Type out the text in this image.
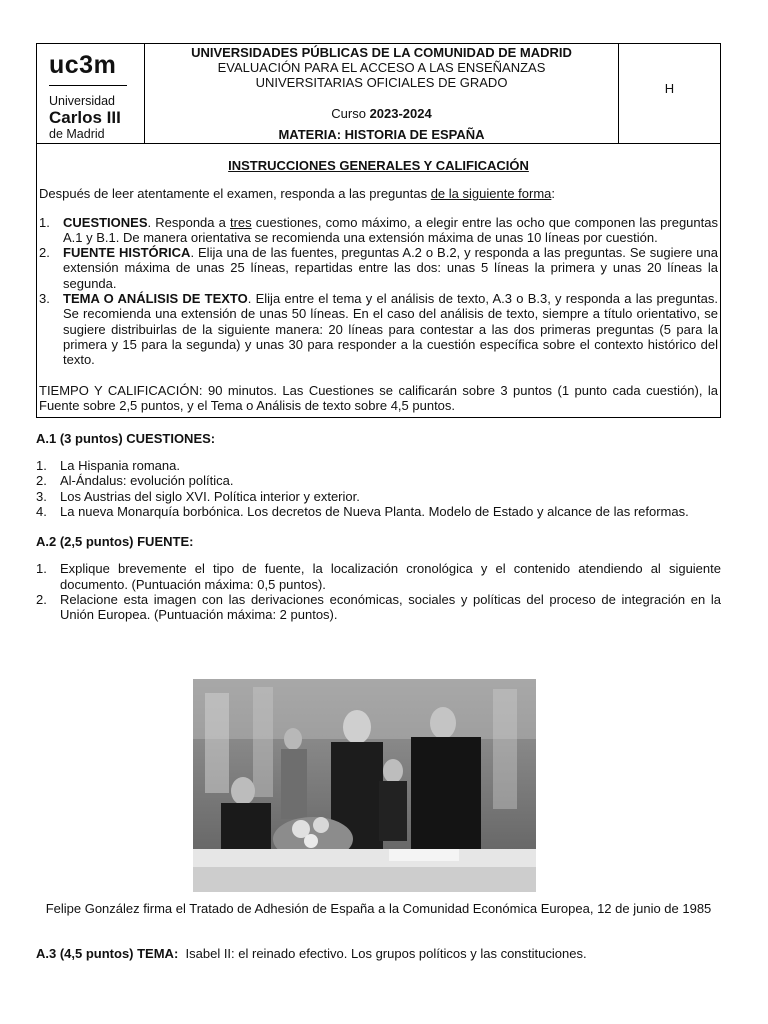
uc3m
Universidad
Carlos III
de Madrid
UNIVERSIDADES PÚBLICAS DE LA COMUNIDAD DE MADRID
EVALUACIÓN PARA EL ACCESO A LAS ENSEÑANZAS
UNIVERSITARIAS OFICIALES DE GRADO
Curso 2023-2024
MATERIA: HISTORIA DE ESPAÑA
H
INSTRUCCIONES GENERALES Y CALIFICACIÓN
Después de leer atentamente el examen, responda a las preguntas de la siguiente forma:
1.	CUESTIONES. Responda a tres cuestiones, como máximo, a elegir entre las ocho que componen las preguntas A.1 y B.1. De manera orientativa se recomienda una extensión máxima de unas 10 líneas por cuestión.
2.	FUENTE HISTÓRICA. Elija una de las fuentes, preguntas A.2 o B.2, y responda a las preguntas. Se sugiere una extensión máxima de unas 25 líneas, repartidas entre las dos: unas 5 líneas la primera y unas 20 líneas la segunda.
3.	TEMA O ANÁLISIS DE TEXTO. Elija entre el tema y el análisis de texto, A.3 o B.3, y responda a las preguntas. Se recomienda una extensión de unas 50 líneas. En el caso del análisis de texto, siempre a título orientativo, se sugiere distribuirlas de la siguiente manera: 20 líneas para contestar a las dos primeras preguntas (5 para la primera y 15 para la segunda) y unas 30 para responder a la cuestión específica sobre el contexto histórico del texto.
TIEMPO Y CALIFICACIÓN: 90 minutos. Las Cuestiones se calificarán sobre 3 puntos (1 punto cada cuestión), la Fuente sobre 2,5 puntos, y el Tema o Análisis de texto sobre 4,5 puntos.
A.1 (3 puntos) CUESTIONES:
1.	La Hispania romana.
2.	Al-Ándalus: evolución política.
3.	Los Austrias del siglo XVI. Política interior y exterior.
4.	La nueva Monarquía borbónica. Los decretos de Nueva Planta. Modelo de Estado y alcance de las reformas.
A.2 (2,5 puntos) FUENTE:
1.	Explique brevemente el tipo de fuente, la localización cronológica y el contenido atendiendo al siguiente documento. (Puntuación máxima: 0,5 puntos).
2.	Relacione esta imagen con las derivaciones económicas, sociales y políticas del proceso de integración en la Unión Europea. (Puntuación máxima: 2 puntos).
Felipe González firma el Tratado de Adhesión de España a la Comunidad Económica Europea, 12 de junio de 1985
A.3 (4,5 puntos) TEMA: Isabel II: el reinado efectivo. Los grupos políticos y las constituciones.
